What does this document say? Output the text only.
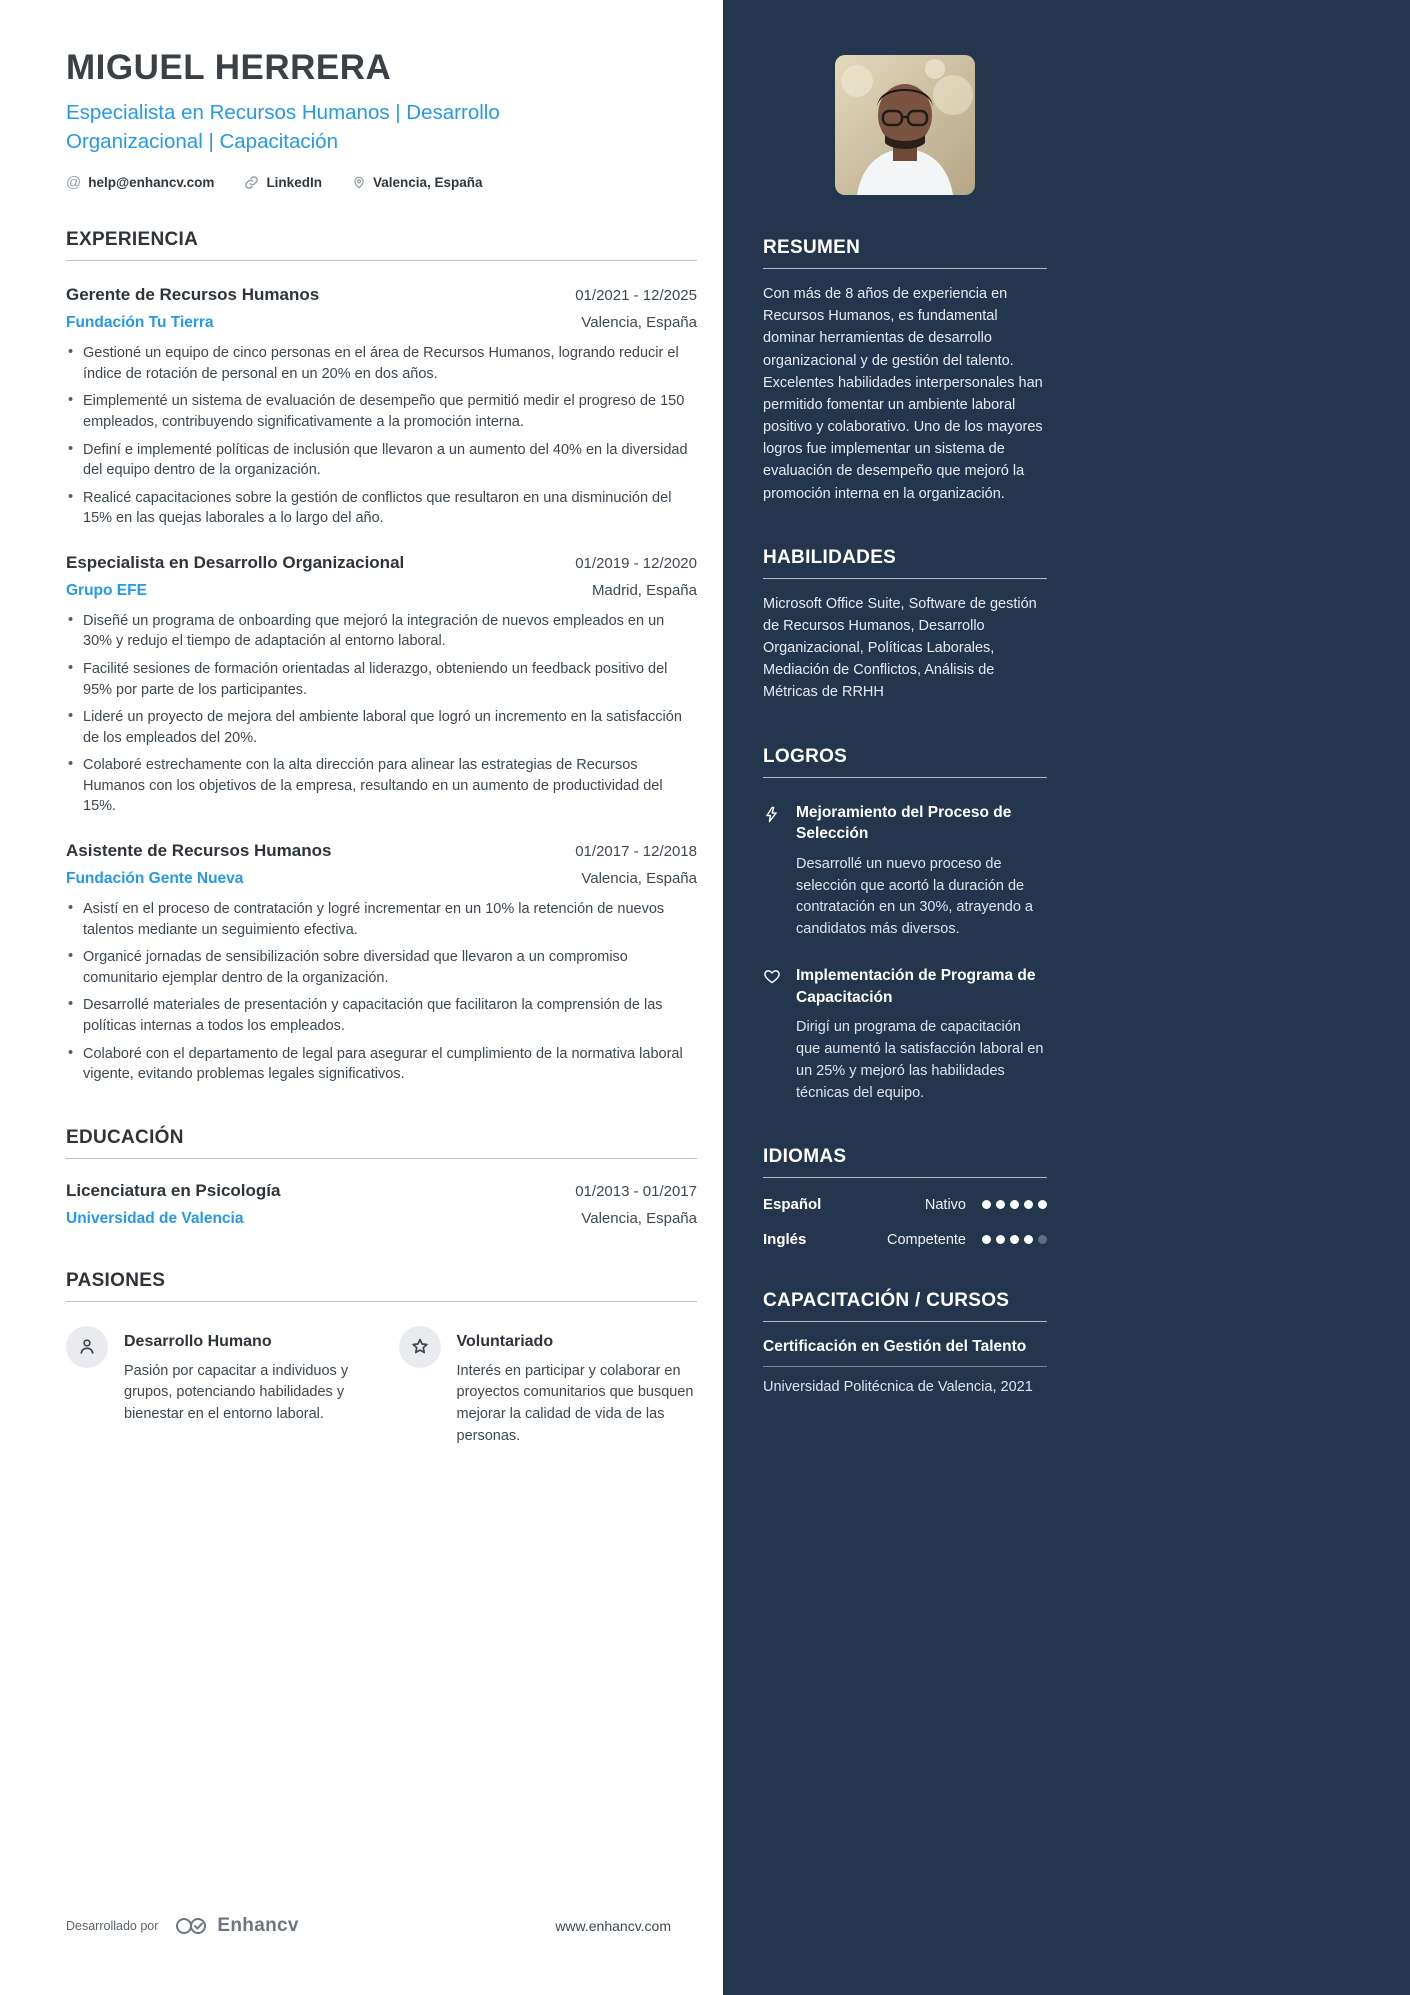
MIGUEL HERRERA
Especialista en Recursos Humanos | Desarrollo Organizacional | Capacitación
@ help@enhancv.com	LinkedIn	Valencia, España
EXPERIENCIA
Gerente de Recursos Humanos	01/2021 - 12/2025
Fundación Tu Tierra	Valencia, España
• Gestioné un equipo de cinco personas en el área de Recursos Humanos, logrando reducir el índice de rotación de personal en un 20% en dos años.
• Eimplementé un sistema de evaluación de desempeño que permitió medir el progreso de 150 empleados, contribuyendo significativamente a la promoción interna.
• Definí e implementé políticas de inclusión que llevaron a un aumento del 40% en la diversidad del equipo dentro de la organización.
• Realicé capacitaciones sobre la gestión de conflictos que resultaron en una disminución del 15% en las quejas laborales a lo largo del año.
Especialista en Desarrollo Organizacional	01/2019 - 12/2020
Grupo EFE	Madrid, España
• Diseñé un programa de onboarding que mejoró la integración de nuevos empleados en un 30% y redujo el tiempo de adaptación al entorno laboral.
• Facilité sesiones de formación orientadas al liderazgo, obteniendo un feedback positivo del 95% por parte de los participantes.
• Lideré un proyecto de mejora del ambiente laboral que logró un incremento en la satisfacción de los empleados del 20%.
• Colaboré estrechamente con la alta dirección para alinear las estrategias de Recursos Humanos con los objetivos de la empresa, resultando en un aumento de productividad del 15%.
Asistente de Recursos Humanos	01/2017 - 12/2018
Fundación Gente Nueva	Valencia, España
• Asistí en el proceso de contratación y logré incrementar en un 10% la retención de nuevos talentos mediante un seguimiento efectiva.
• Organicé jornadas de sensibilización sobre diversidad que llevaron a un compromiso comunitario ejemplar dentro de la organización.
• Desarrollé materiales de presentación y capacitación que facilitaron la comprensión de las políticas internas a todos los empleados.
• Colaboré con el departamento de legal para asegurar el cumplimiento de la normativa laboral vigente, evitando problemas legales significativos.
EDUCACIÓN
Licenciatura en Psicología	01/2013 - 01/2017
Universidad de Valencia	Valencia, España
PASIONES
Desarrollo Humano
Pasión por capacitar a individuos y grupos, potenciando habilidades y bienestar en el entorno laboral.
Voluntariado
Interés en participar y colaborar en proyectos comunitarios que busquen mejorar la calidad de vida de las personas.
Desarrollado por	Enhancv	www.enhancv.com
RESUMEN

Con más de 8 años de experiencia en Recursos Humanos, es fundamental dominar herramientas de desarrollo organizacional y de gestión del talento. Excelentes habilidades interpersonales han permitido fomentar un ambiente laboral positivo y colaborativo. Uno de los mayores logros fue implementar un sistema de evaluación de desempeño que mejoró la promoción interna en la organización.

HABILIDADES

Microsoft Office Suite, Software de gestión de Recursos Humanos, Desarrollo Organizacional, Políticas Laborales, Mediación de Conflictos, Análisis de Métricas de RRHH

LOGROS
Mejoramiento del Proceso de Selección
Desarrollé un nuevo proceso de selección que acortó la duración de contratación en un 30%, atrayendo a candidatos más diversos.
Implementación de Programa de Capacitación
Dirigí un programa de capacitación que aumentó la satisfacción laboral en un 25% y mejoró las habilidades técnicas del equipo.
IDIOMAS
Español	Nativo
Inglés	Competente
CAPACITACIÓN / CURSOS
Certificación en Gestión del Talento
Universidad Politécnica de Valencia, 2021
